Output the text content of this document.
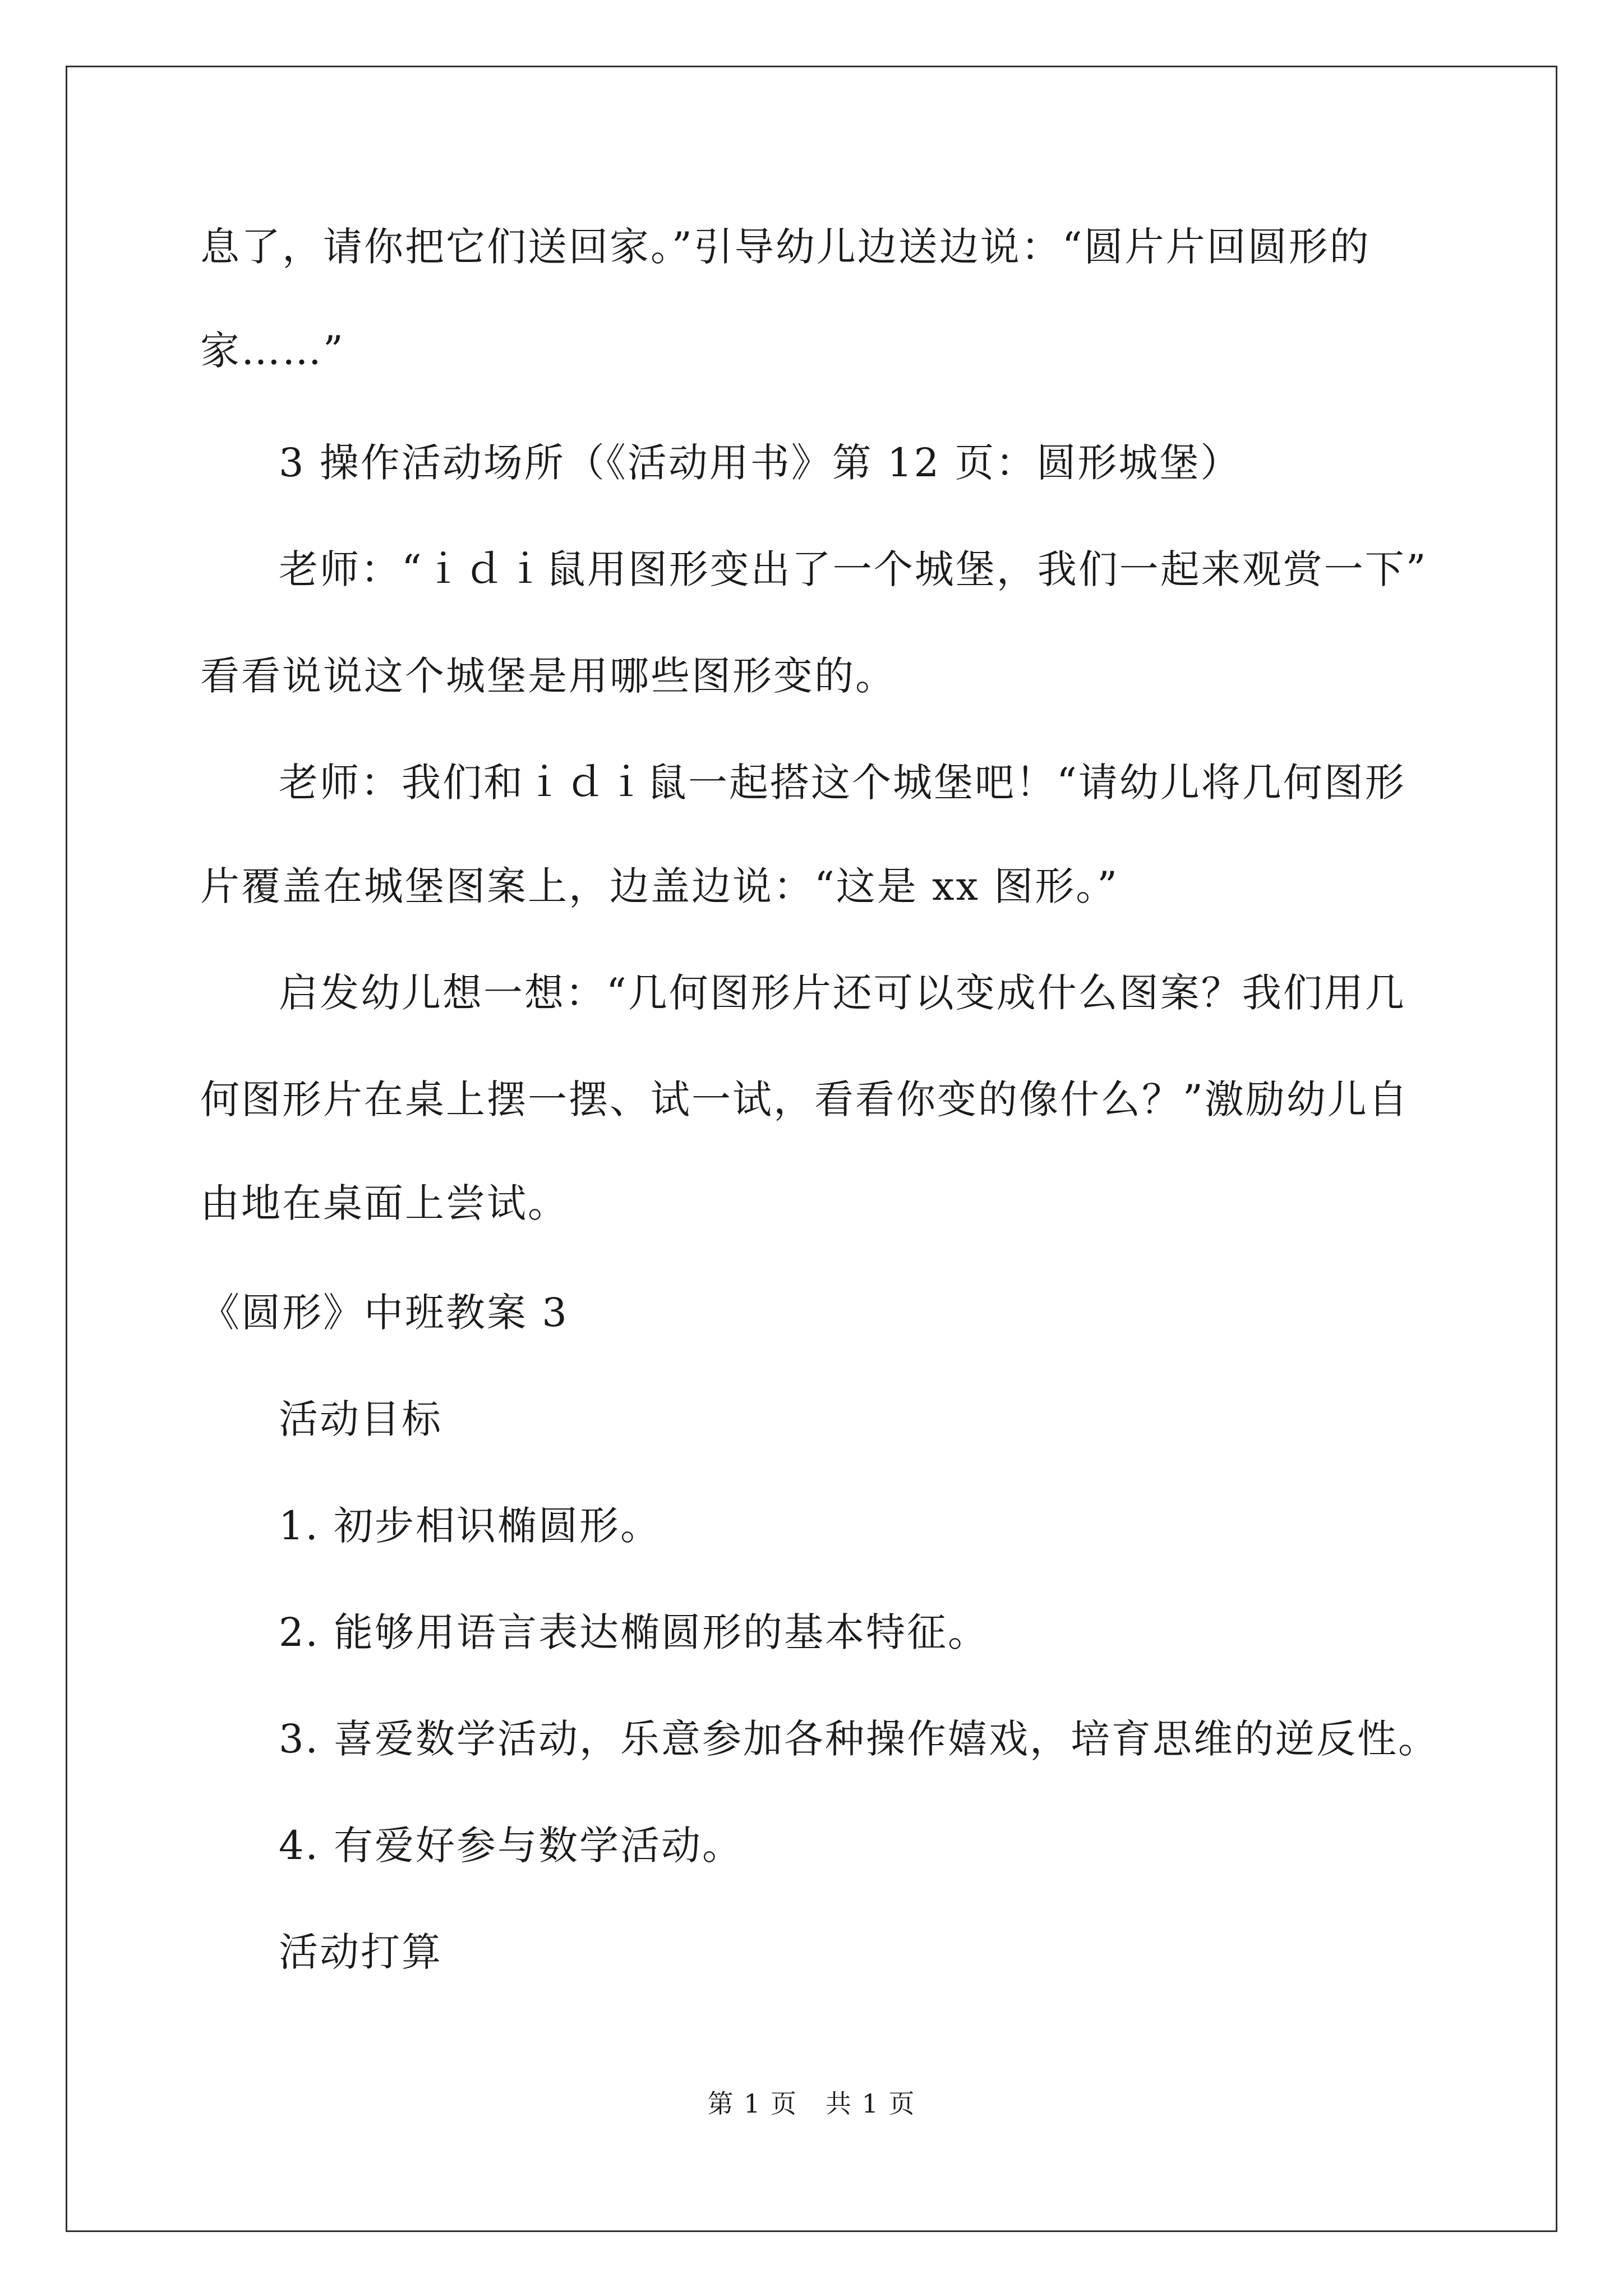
息了，请你把它们送回家。”引导幼儿边送边说：“圆片片回圆形的
家……”
3 操作活动场所（《活动用书》第 12 页：圆形城堡）
老师：“ｉｄｉ鼠用图形变出了一个城堡，我们一起来观赏一下”
看看说说这个城堡是用哪些图形变的。
老师：我们和ｉｄｉ鼠一起搭这个城堡吧！“请幼儿将几何图形
片覆盖在城堡图案上，边盖边说：“这是 xx 图形。”
启发幼儿想一想：“几何图形片还可以变成什么图案？我们用几
何图形片在桌上摆一摆、试一试，看看你变的像什么？”激励幼儿自
由地在桌面上尝试。
《圆形》中班教案 3
活动目标
1. 初步相识椭圆形。
2. 能够用语言表达椭圆形的基本特征。
3. 喜爱数学活动，乐意参加各种操作嬉戏，培育思维的逆反性。
4. 有爱好参与数学活动。
活动打算
第 1 页 共 1 页
